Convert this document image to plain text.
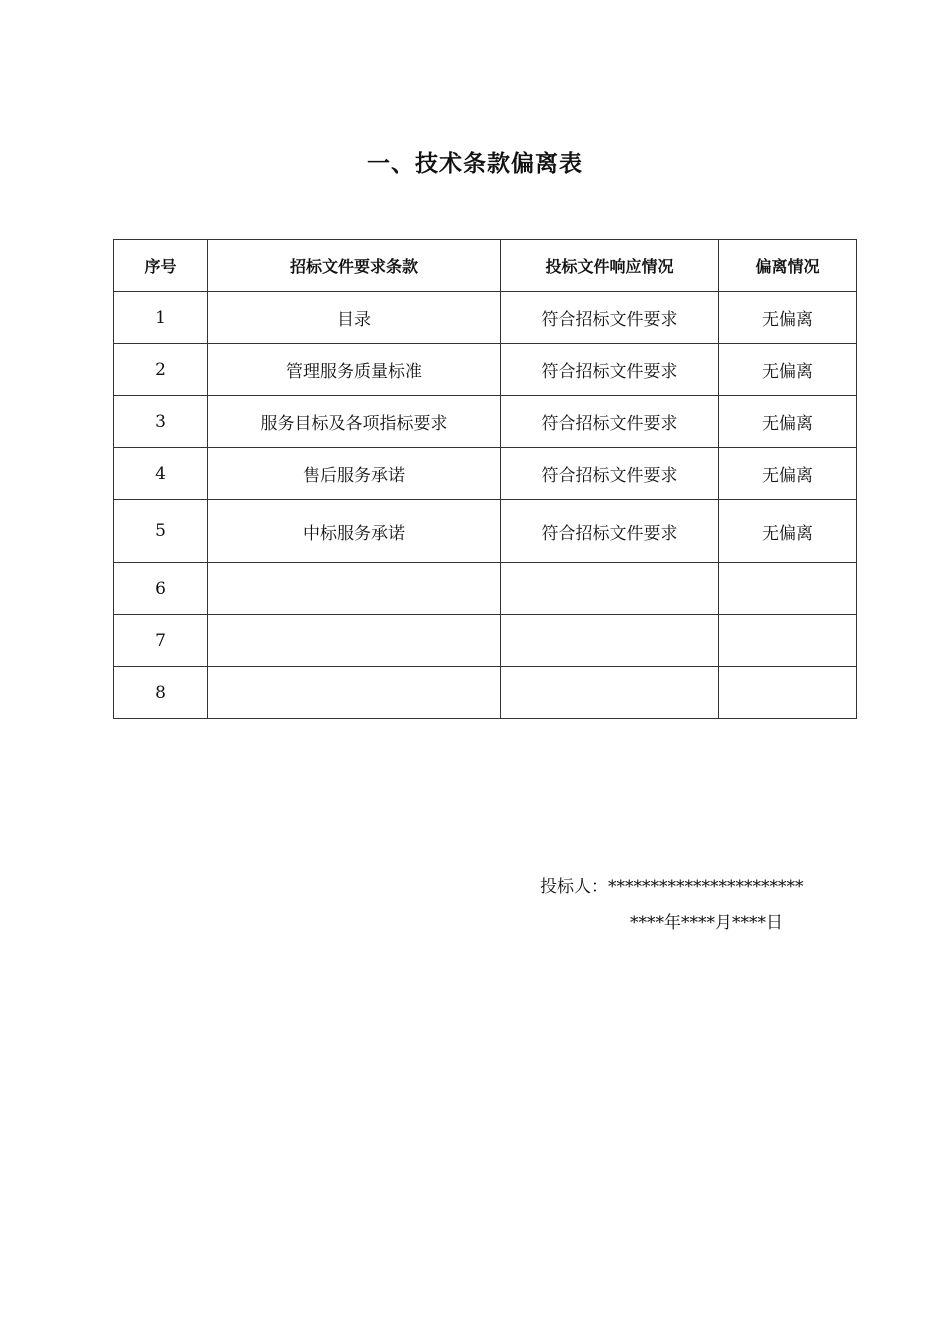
一、技术条款偏离表
序号	招标文件要求条款	投标文件响应情况	偏离情况
1	目录	符合招标文件要求	无偏离
2	管理服务质量标准	符合招标文件要求	无偏离
3	服务目标及各项指标要求	符合招标文件要求	无偏离
4	售后服务承诺	符合招标文件要求	无偏离
5	中标服务承诺	符合招标文件要求	无偏离
6			
7			
8			
投标人：***********************
****年****月****日
